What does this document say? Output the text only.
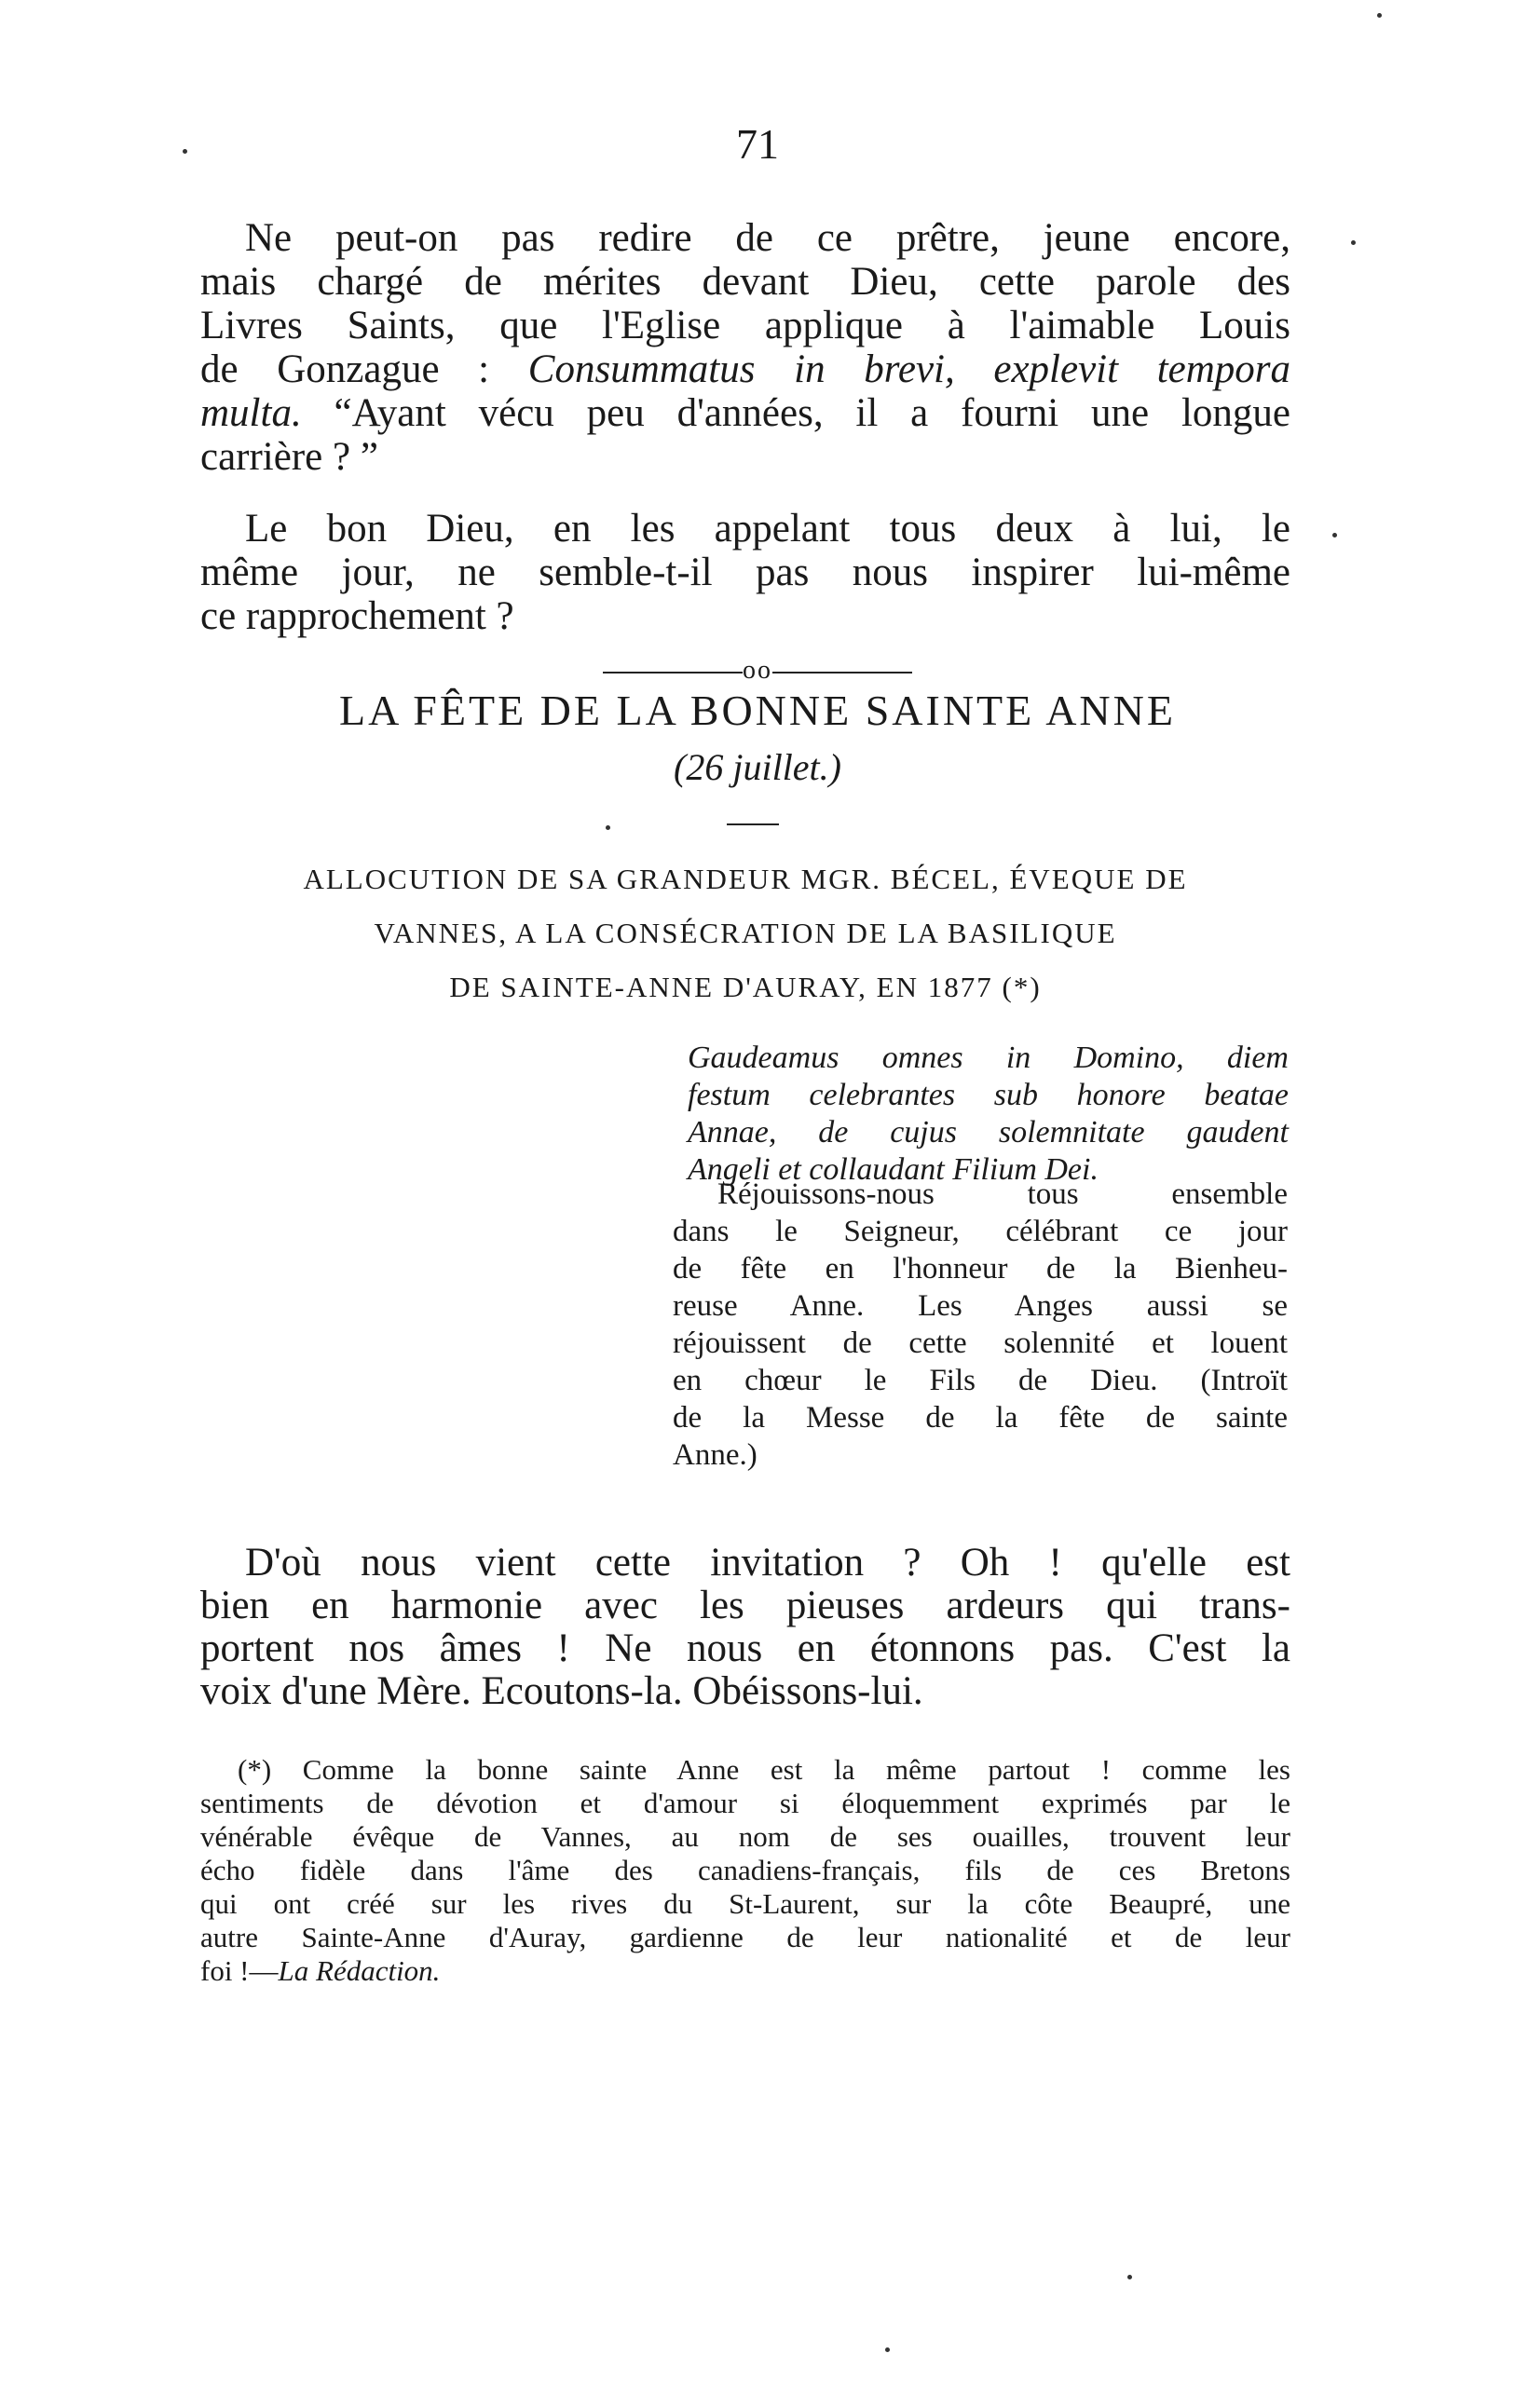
71
Ne peut-on pas redire de ce prêtre, jeune encore,
mais chargé de mérites devant Dieu, cette parole des
Livres Saints, que l'Eglise applique à l'aimable Louis
de Gonzague : Consummatus in brevi, explevit tempora
multa. “Ayant vécu peu d'années, il a fourni une longue
carrière ? ”
Le bon Dieu, en les appelant tous deux à lui, le
même jour, ne semble-t-il pas nous inspirer lui-même
ce rapprochement ?
oo
LA FÊTE DE LA BONNE SAINTE ANNE
(26 juillet.)
ALLOCUTION DE SA GRANDEUR MGR. BÉCEL, ÉVEQUE DE
VANNES, A LA CONSÉCRATION DE LA BASILIQUE
DE SAINTE-ANNE D'AURAY, EN 1877 (*)
Gaudeamus omnes in Domino, diem
festum celebrantes sub honore beatae
Annae, de cujus solemnitate gaudent
Angeli et collaudant Filium Dei.
Réjouissons-nous tous ensemble
dans le Seigneur, célébrant ce jour
de fête en l'honneur de la Bienheu-
reuse Anne. Les Anges aussi se
réjouissent de cette solennité et louent
en chœur le Fils de Dieu. (Introït
de la Messe de la fête de sainte
Anne.)
D'où nous vient cette invitation ? Oh ! qu'elle est
bien en harmonie avec les pieuses ardeurs qui trans-
portent nos âmes ! Ne nous en étonnons pas. C'est la
voix d'une Mère. Ecoutons-la. Obéissons-lui.
(*) Comme la bonne sainte Anne est la même partout ! comme les
sentiments de dévotion et d'amour si éloquemment exprimés par le
vénérable évêque de Vannes, au nom de ses ouailles, trouvent leur
écho fidèle dans l'âme des canadiens-français, fils de ces Bretons
qui ont créé sur les rives du St-Laurent, sur la côte Beaupré, une
autre Sainte-Anne d'Auray, gardienne de leur nationalité et de leur
foi !—La Rédaction.
